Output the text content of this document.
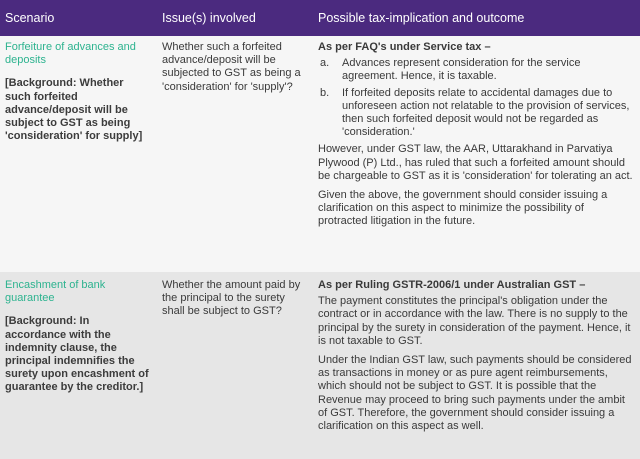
Scenario	Issue(s) involved	Possible tax-implication and outcome
Forfeiture of advances and deposits
[Background: Whether such forfeited advance/deposit will be subject to GST as being 'consideration' for supply]
Whether such a forfeited advance/deposit will be subjected to GST as being a 'consideration' for 'supply'?
As per FAQ's under Service tax –
a. Advances represent consideration for the service agreement. Hence, it is taxable.
b. If forfeited deposits relate to accidental damages due to unforeseen action not relatable to the provision of services, then such forfeited deposit would not be regarded as 'consideration.'

However, under GST law, the AAR, Uttarakhand in Parvatiya Plywood (P) Ltd., has ruled that such a forfeited amount should be chargeable to GST as it is 'consideration' for tolerating an act.

Given the above, the government should consider issuing a clarification on this aspect to minimize the possibility of protracted litigation in the future.

Encashment of bank guarantee
[Background: In accordance with the indemnity clause, the principal indemnifies the surety upon encashment of guarantee by the creditor.]
Whether the amount paid by the principal to the surety shall be subject to GST?
As per Ruling GSTR-2006/1 under Australian GST –

The payment constitutes the principal's obligation under the contract or in accordance with the law. There is no supply to the principal by the surety in consideration of the payment. Hence, it is not taxable to GST.

Under the Indian GST law, such payments should be considered as transactions in money or as pure agent reimbursements, which should not be subject to GST. It is possible that the Revenue may proceed to bring such payments under the ambit of GST. Therefore, the government should consider issuing a clarification on this aspect as well.
